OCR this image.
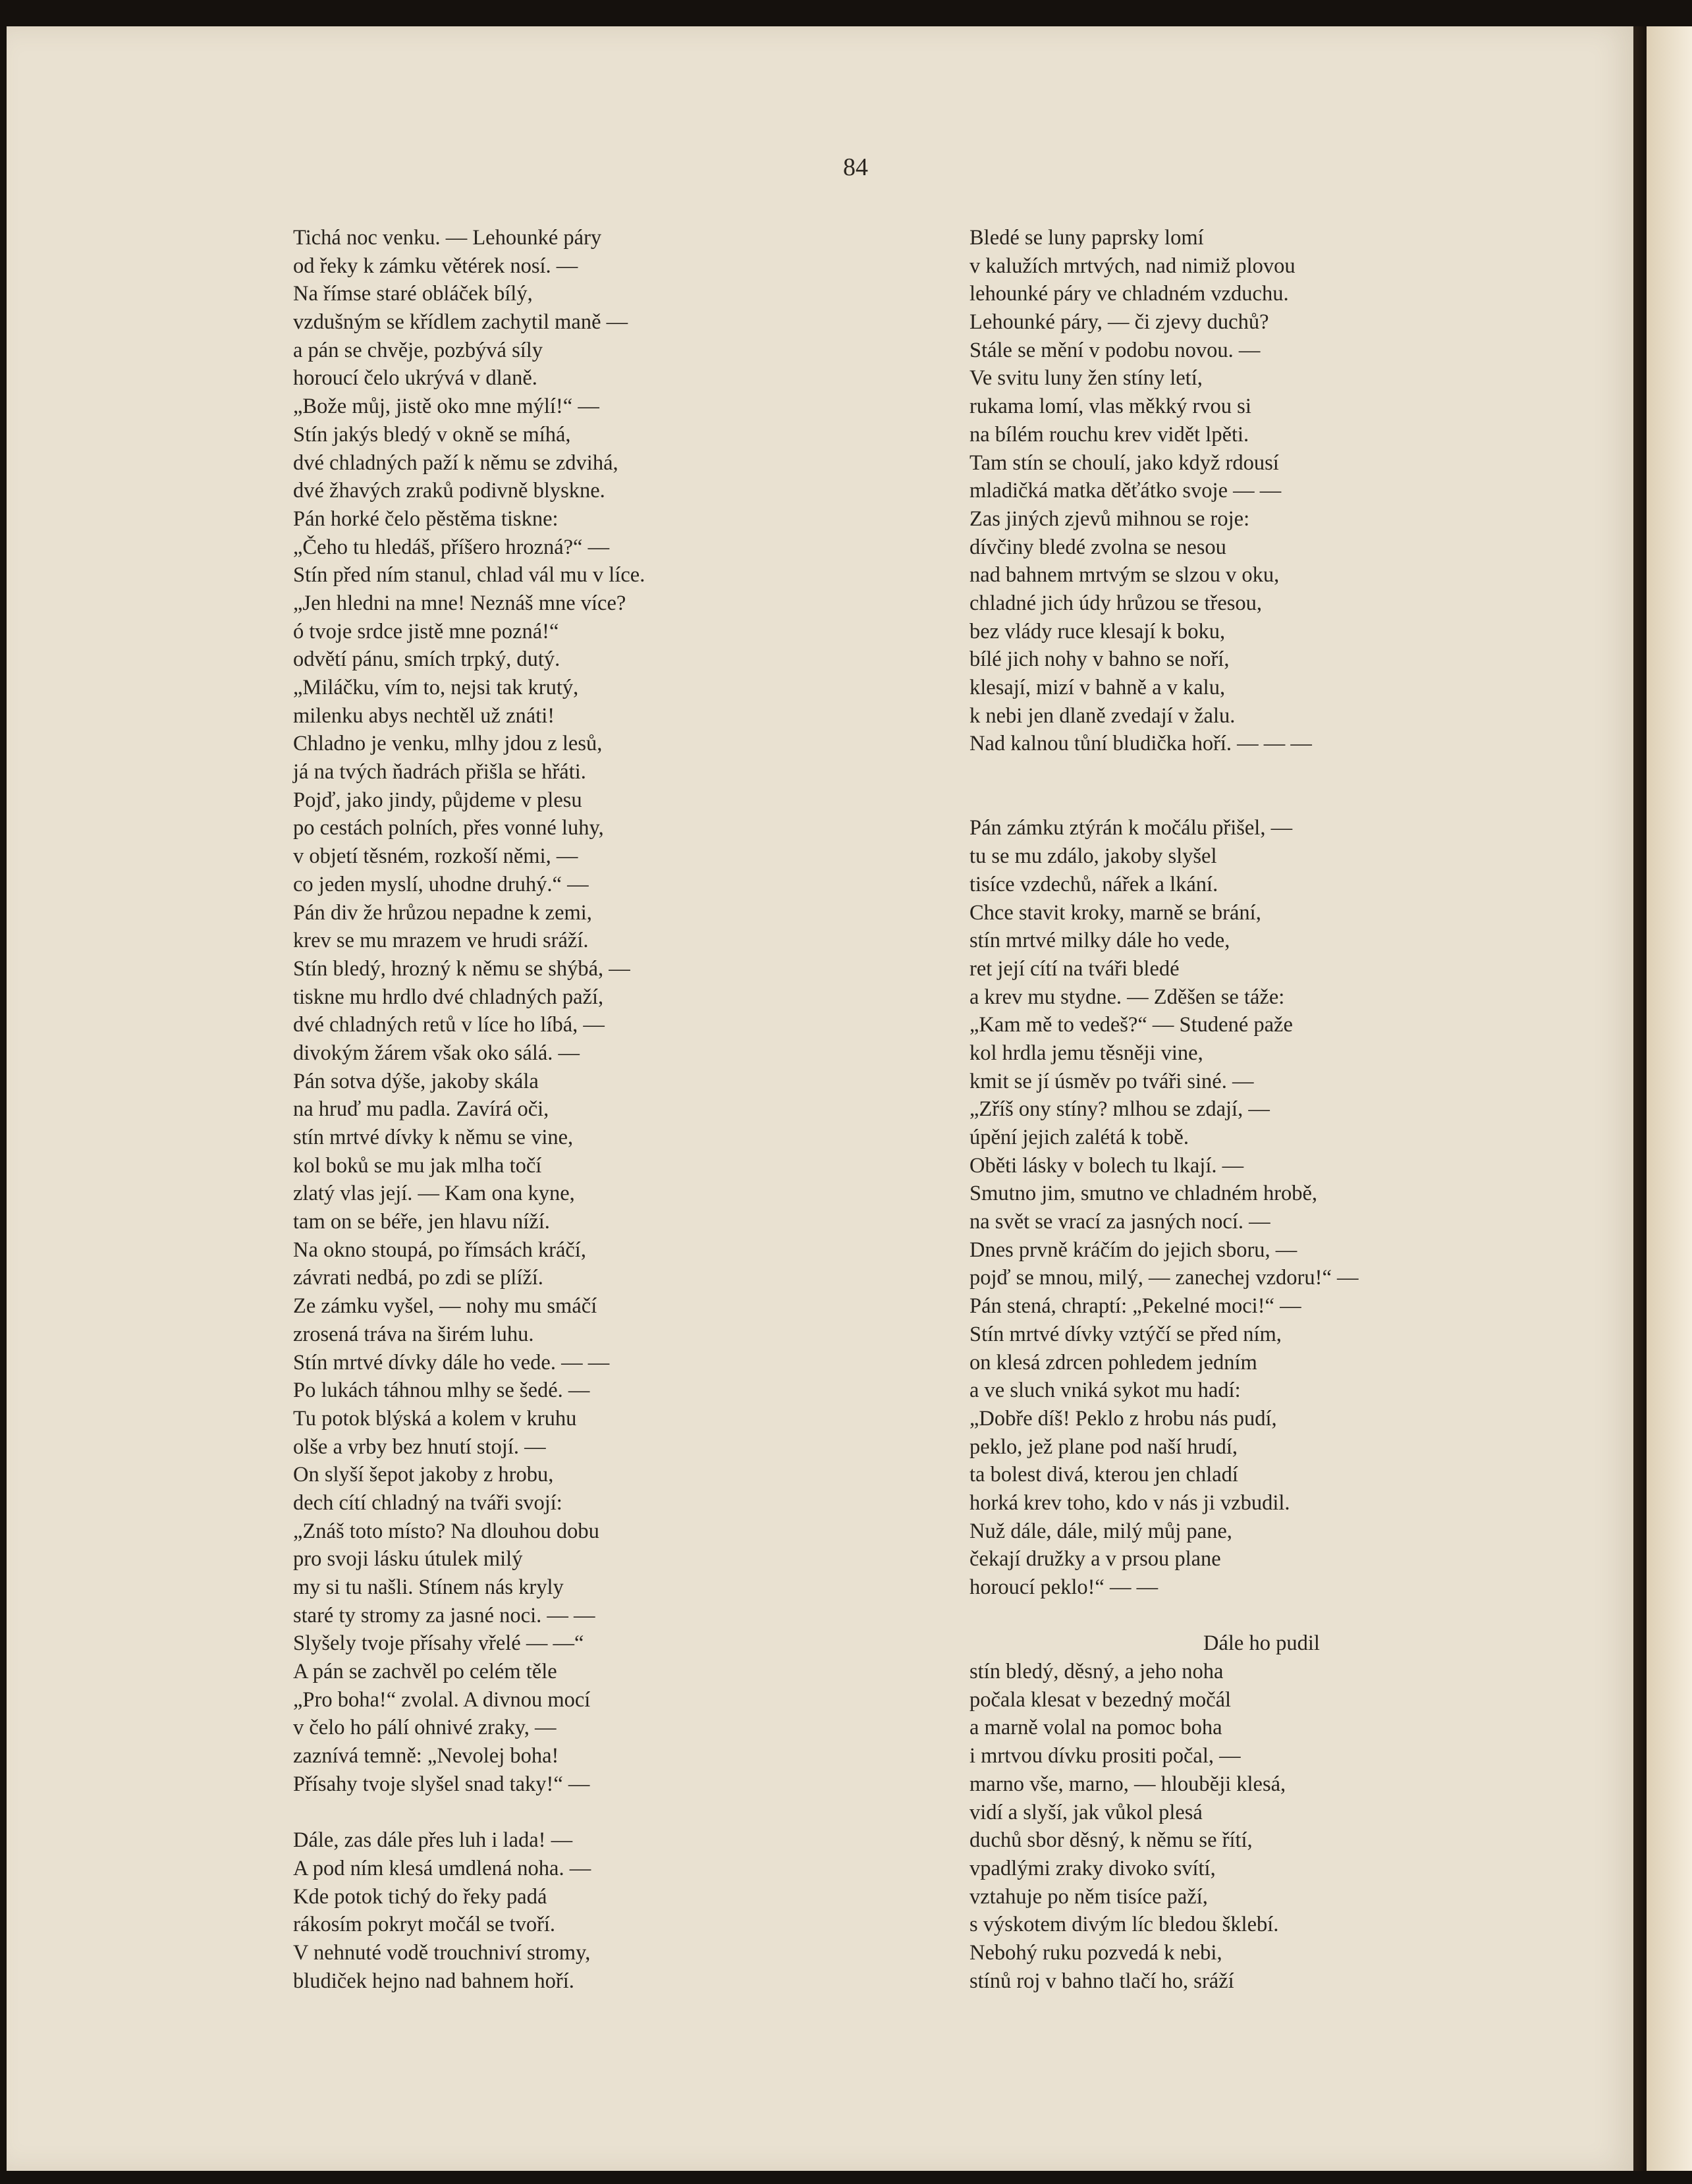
84
Tichá noc venku. — Lehounké páry
od řeky k zámku větérek nosí. —
Na římse staré obláček bílý,
vzdušným se křídlem zachytil maně —
a pán se chvěje, pozbývá síly
horoucí čelo ukrývá v dlaně.
„Bože můj, jistě oko mne mýlí!“ —
Stín jakýs bledý v okně se míhá,
dvé chladných paží k němu se zdvihá,
dvé žhavých zraků podivně blyskne.
Pán horké čelo pěstěma tiskne:
„Čeho tu hledáš, příšero hrozná?“ —
Stín před ním stanul, chlad vál mu v líce.
„Jen hledni na mne! Neznáš mne více?
ó tvoje srdce jistě mne pozná!“
odvětí pánu, smích trpký, dutý.
„Miláčku, vím to, nejsi tak krutý,
milenku abys nechtěl už znáti!
Chladno je venku, mlhy jdou z lesů,
já na tvých ňadrách přišla se hřáti.
Pojď, jako jindy, půjdeme v plesu
po cestách polních, přes vonné luhy,
v objetí těsném, rozkoší němi, —
co jeden myslí, uhodne druhý.“ —
Pán div že hrůzou nepadne k zemi,
krev se mu mrazem ve hrudi sráží.
Stín bledý, hrozný k němu se shýbá, —
tiskne mu hrdlo dvé chladných paží,
dvé chladných retů v líce ho líbá, —
divokým žárem však oko sálá. —
Pán sotva dýše, jakoby skála
na hruď mu padla. Zavírá oči,
stín mrtvé dívky k němu se vine,
kol boků se mu jak mlha točí
zlatý vlas její. — Kam ona kyne,
tam on se béře, jen hlavu níží.
Na okno stoupá, po římsách kráčí,
závrati nedbá, po zdi se plíží.
Ze zámku vyšel, — nohy mu smáčí
zrosená tráva na širém luhu.
Stín mrtvé dívky dále ho vede. — —
Po lukách táhnou mlhy se šedé. —
Tu potok blýská a kolem v kruhu
olše a vrby bez hnutí stojí. —
On slyší šepot jakoby z hrobu,
dech cítí chladný na tváři svojí:
„Znáš toto místo? Na dlouhou dobu
pro svoji lásku útulek milý
my si tu našli. Stínem nás kryly
staré ty stromy za jasné noci. — —
Slyšely tvoje přísahy vřelé — —“
A pán se zachvěl po celém těle
„Pro boha!“ zvolal. A divnou mocí
v čelo ho pálí ohnivé zraky, —
zaznívá temně: „Nevolej boha!
Přísahy tvoje slyšel snad taky!“ —
Dále, zas dále přes luh i lada! —
A pod ním klesá umdlená noha. —
Kde potok tichý do řeky padá
rákosím pokryt močál se tvoří.
V nehnuté vodě trouchniví stromy,
bludiček hejno nad bahnem hoří.
Bledé se luny paprsky lomí
v kalužích mrtvých, nad nimiž plovou
lehounké páry ve chladném vzduchu.
Lehounké páry, — či zjevy duchů?
Stále se mění v podobu novou. —
Ve svitu luny žen stíny letí,
rukama lomí, vlas měkký rvou si
na bílém rouchu krev vidět lpěti.
Tam stín se choulí, jako když rdousí
mladičká matka děťátko svoje — —
Zas jiných zjevů mihnou se roje:
dívčiny bledé zvolna se nesou
nad bahnem mrtvým se slzou v oku,
chladné jich údy hrůzou se třesou,
bez vlády ruce klesají k boku,
bílé jich nohy v bahno se noří,
klesají, mizí v bahně a v kalu,
k nebi jen dlaně zvedají v žalu.
Nad kalnou tůní bludička hoří. — — —
Pán zámku ztýrán k močálu přišel, —
tu se mu zdálo, jakoby slyšel
tisíce vzdechů, nářek a lkání.
Chce stavit kroky, marně se brání,
stín mrtvé milky dále ho vede,
ret její cítí na tváři bledé
a krev mu stydne. — Zděšen se táže:
„Kam mě to vedeš?“ — Studené paže
kol hrdla jemu těsněji vine,
kmit se jí úsměv po tváři siné. —
„Zříš ony stíny? mlhou se zdají, —
úpění jejich zalétá k tobě.
Oběti lásky v bolech tu lkají. —
Smutno jim, smutno ve chladném hrobě,
na svět se vrací za jasných nocí. —
Dnes prvně kráčím do jejich sboru, —
pojď se mnou, milý, — zanechej vzdoru!“ —
Pán stená, chraptí: „Pekelné moci!“ —
Stín mrtvé dívky vztýčí se před ním,
on klesá zdrcen pohledem jedním
a ve sluch vniká sykot mu hadí:
„Dobře díš! Peklo z hrobu nás pudí,
peklo, jež plane pod naší hrudí,
ta bolest divá, kterou jen chladí
horká krev toho, kdo v nás ji vzbudil.
Nuž dále, dále, milý můj pane,
čekají družky a v prsou plane
horoucí peklo!“ — —
Dále ho pudil
stín bledý, děsný, a jeho noha
počala klesat v bezedný močál
a marně volal na pomoc boha
i mrtvou dívku prositi počal, —
marno vše, marno, — hlouběji klesá,
vidí a slyší, jak vůkol plesá
duchů sbor děsný, k němu se řítí,
vpadlými zraky divoko svítí,
vztahuje po něm tisíce paží,
s výskotem divým líc bledou šklebí.
Nebohý ruku pozvedá k nebi,
stínů roj v bahno tlačí ho, sráží
